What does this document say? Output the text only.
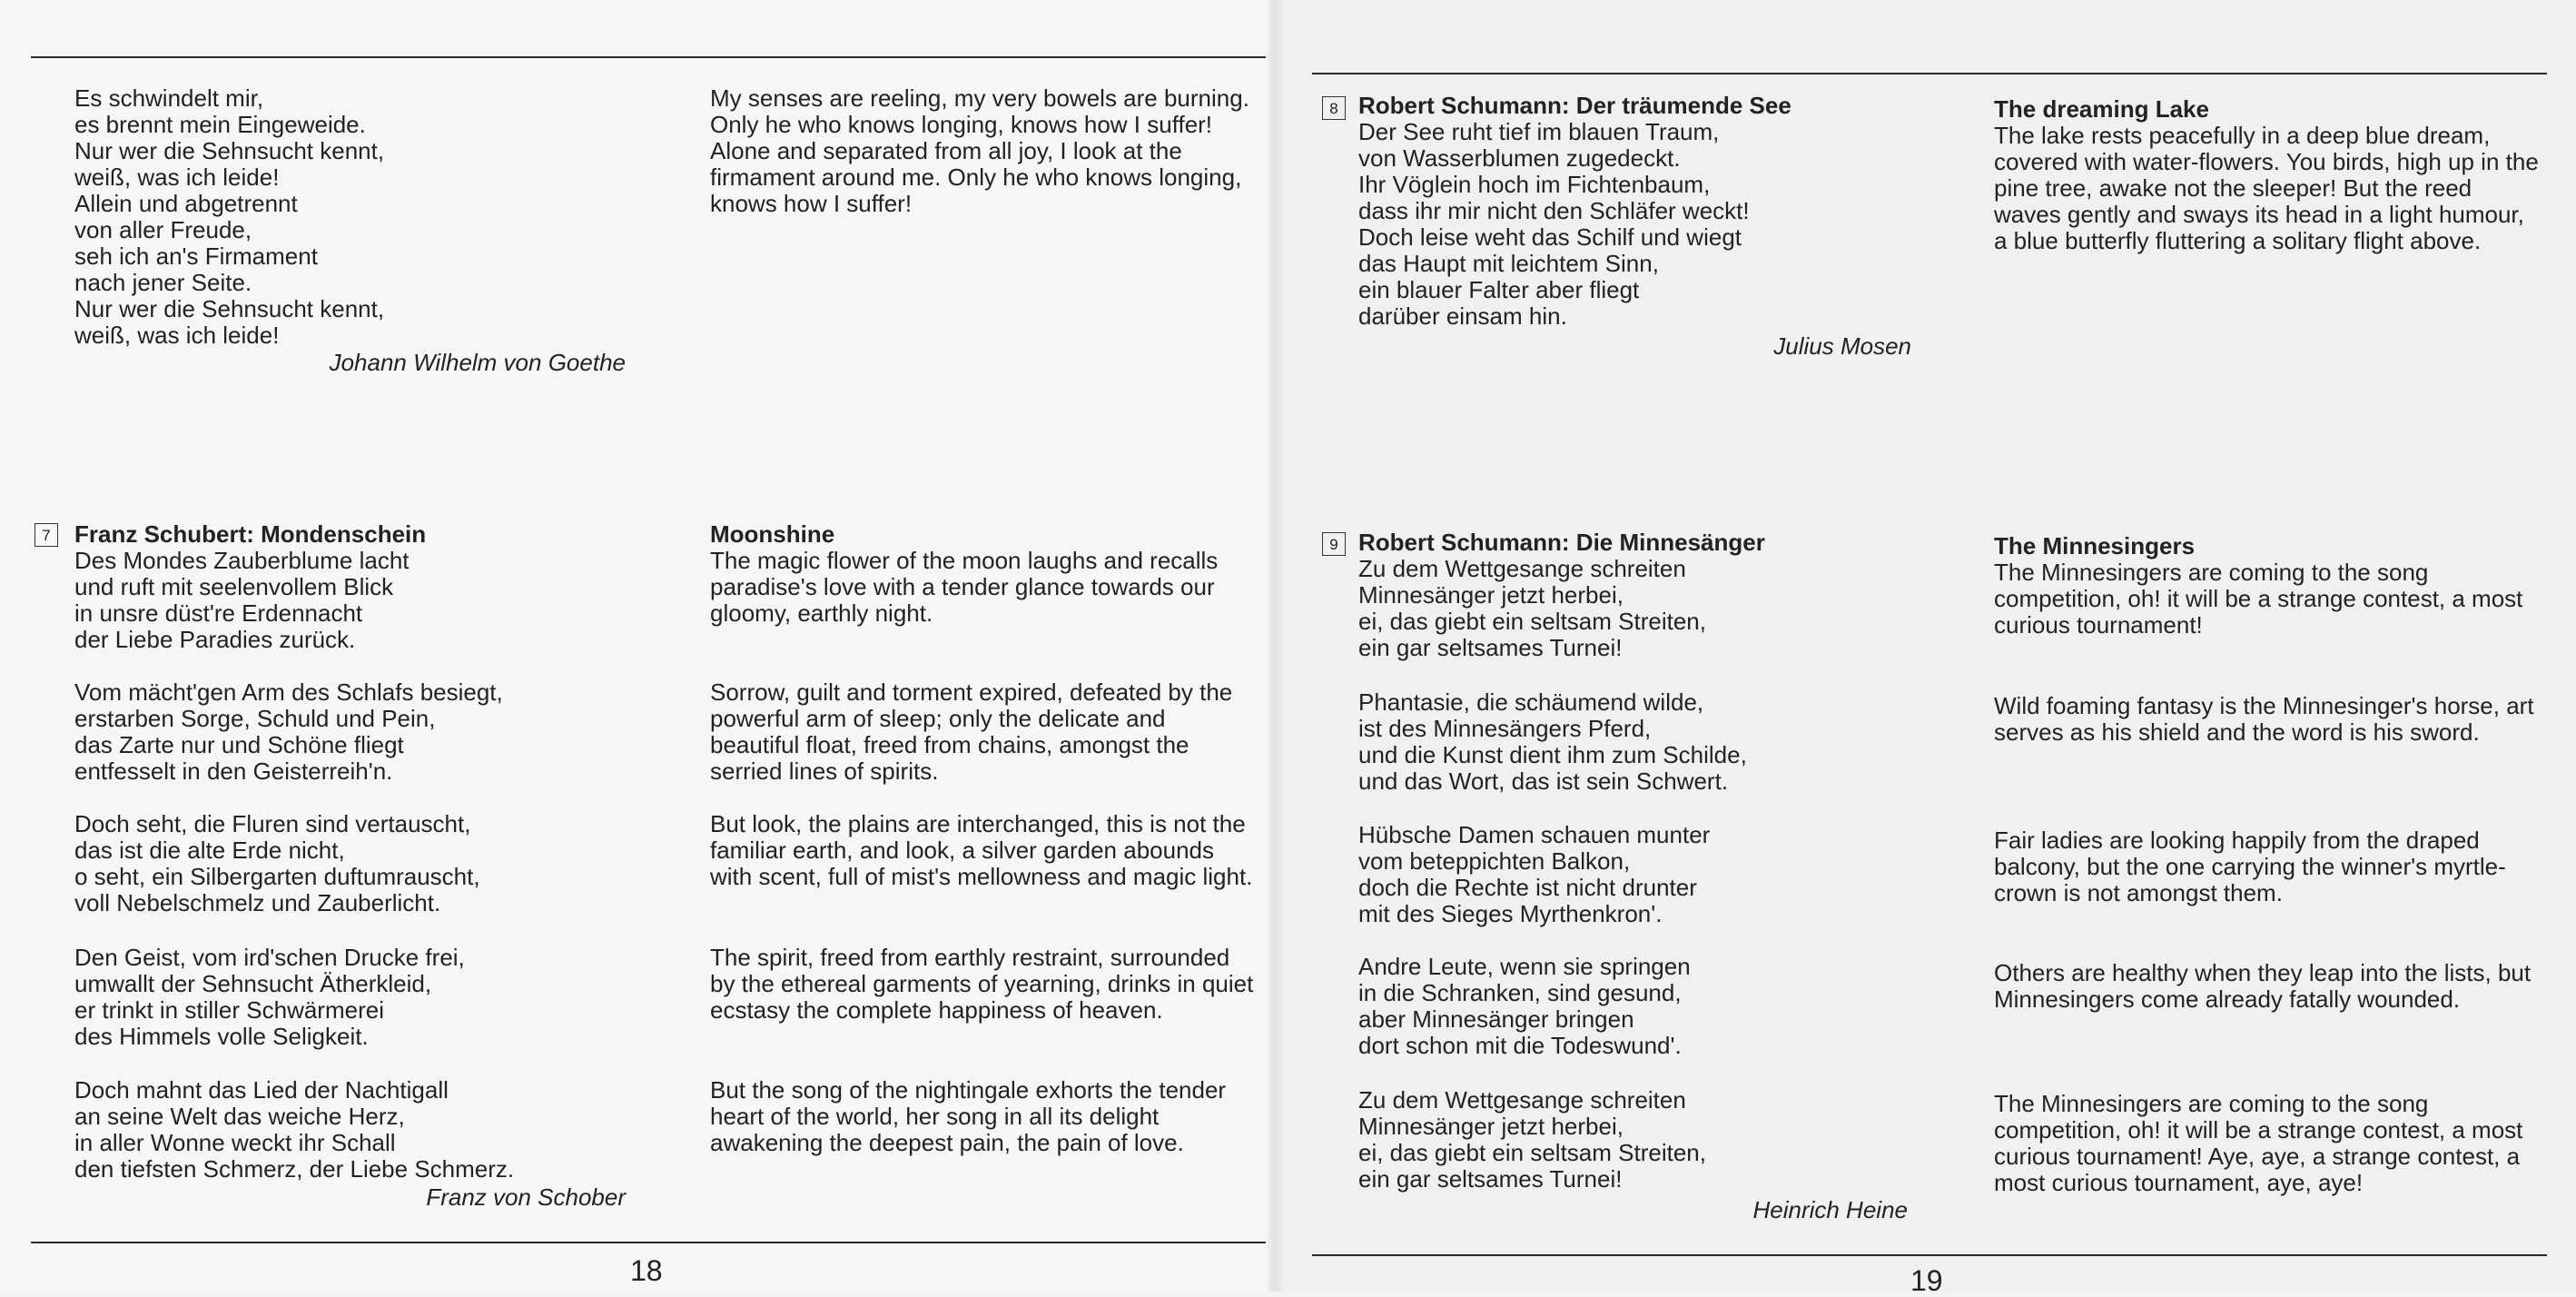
Es schwindelt mir,
es brennt mein Eingeweide.
Nur wer die Sehnsucht kennt,
weiß, was ich leide!
Allein und abgetrennt
von aller Freude,
seh ich an's Firmament
nach jener Seite.
Nur wer die Sehnsucht kennt,
weiß, was ich leide!
Johann Wilhelm von Goethe

My senses are reeling, my very bowels are burning. Only he who knows longing, knows how I suffer! Alone and separated from all joy, I look at the firmament around me. Only he who knows longing, knows how I suffer!

7	Franz Schubert: Mondenschein
Des Mondes Zauberblume lacht
und ruft mit seelenvollem Blick
in unsre düst're Erdennacht
der Liebe Paradies zurück.
Vom mächt'gen Arm des Schlafs besiegt,
erstarben Sorge, Schuld und Pein,
das Zarte nur und Schöne fliegt
entfesselt in den Geisterreih'n.
Doch seht, die Fluren sind vertauscht,
das ist die alte Erde nicht,
o seht, ein Silbergarten duftumrauscht,
voll Nebelschmelz und Zauberlicht.
Den Geist, vom ird'schen Drucke frei,
umwallt der Sehnsucht Ätherkleid,
er trinkt in stiller Schwärmerei
des Himmels volle Seligkeit.
Doch mahnt das Lied der Nachtigall
an seine Welt das weiche Herz,
in aller Wonne weckt ihr Schall
den tiefsten Schmerz, der Liebe Schmerz.
Franz von Schober
Moonshine
The magic flower of the moon laughs and recalls paradise's love with a tender glance towards our gloomy, earthly night.

Sorrow, guilt and torment expired, defeated by the powerful arm of sleep; only the delicate and beautiful float, freed from chains, amongst the serried lines of spirits.

But look, the plains are interchanged, this is not the familiar earth, and look, a silver garden abounds with scent, full of mist's mellowness and magic light.

The spirit, freed from earthly restraint, surrounded by the ethereal garments of yearning, drinks in quiet ecstasy the complete happiness of heaven.

But the song of the nightingale exhorts the tender heart of the world, her song in all its delight awakening the deepest pain, the pain of love.

18
8 Robert Schumann: Der träumende See
Der See ruht tief im blauen Traum,
von Wasserblumen zugedeckt.
Ihr Vöglein hoch im Fichtenbaum,
dass ihr mir nicht den Schläfer weckt!
Doch leise weht das Schilf und wiegt
das Haupt mit leichtem Sinn,
ein blauer Falter aber fliegt
darüber einsam hin.
Julius Mosen
The dreaming Lake
The lake rests peacefully in a deep blue dream, covered with water-flowers. You birds, high up in the pine tree, awake not the sleeper! But the reed waves gently and sways its head in a light humour, a blue butterfly fluttering a solitary flight above.
9 Robert Schumann: Die Minnesänger
Zu dem Wettgesange schreiten
Minnesänger jetzt herbei,
ei, das giebt ein seltsam Streiten,
ein gar seltsames Turnei!
Phantasie, die schäumend wilde,
ist des Minnesängers Pferd,
und die Kunst dient ihm zum Schilde,
und das Wort, das ist sein Schwert.
Hübsche Damen schauen munter
vom beteppichten Balkon,
doch die Rechte ist nicht drunter
mit des Sieges Myrthenkron'.
Andre Leute, wenn sie springen
in die Schranken, sind gesund,
aber Minnesänger bringen
dort schon mit die Todeswund'.
Zu dem Wettgesange schreiten
Minnesänger jetzt herbei,
ei, das giebt ein seltsam Streiten,
ein gar seltsames Turnei!
Heinrich Heine
The Minnesingers
The Minnesingers are coming to the song competition, oh! it will be a strange contest, a most curious tournament!

Wild foaming fantasy is the Minnesinger's horse, art serves as his shield and the word is his sword.

Fair ladies are looking happily from the draped balcony, but the one carrying the winner's myrtle-crown is not amongst them.

Others are healthy when they leap into the lists, but Minnesingers come already fatally wounded.

The Minnesingers are coming to the song competition, oh! it will be a strange contest, a most curious tournament! Aye, aye, a strange contest, a most curious tournament, aye, aye!

19
